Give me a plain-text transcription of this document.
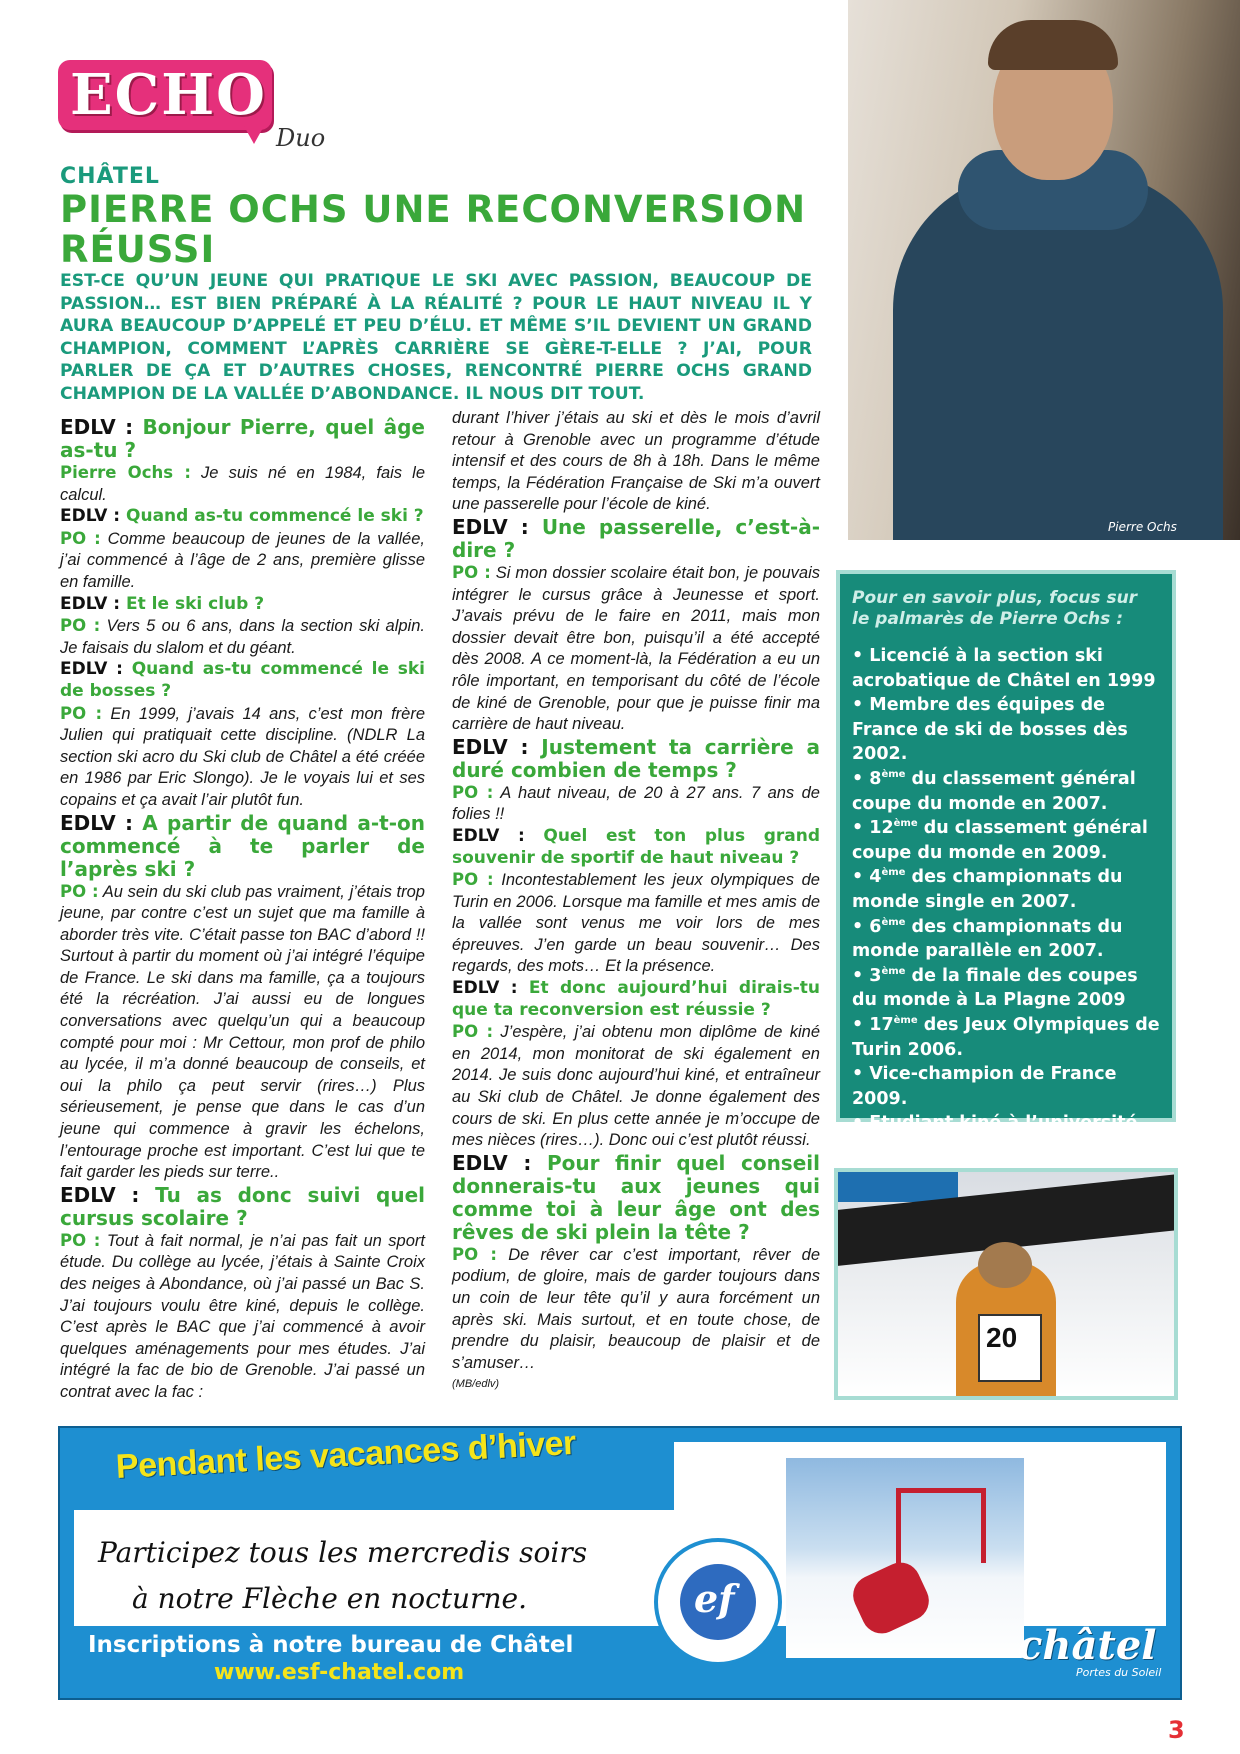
ECHO
Duo
CHÂTEL
PIERRE OCHS UNE RECONVERSION RÉUSSI
EST-CE QU’UN JEUNE QUI PRATIQUE LE SKI AVEC PASSION, BEAUCOUP DE PASSION… EST BIEN PRÉPARÉ À LA RÉALITÉ ? POUR LE HAUT NIVEAU IL Y AURA BEAUCOUP D’APPELÉ ET PEU D’ÉLU. ET MÊME S’IL DEVIENT UN GRAND CHAMPION, COMMENT L’APRÈS CARRIÈRE SE GÈRE-T-ELLE ? J’AI, POUR PARLER DE ÇA ET D’AUTRES CHOSES, RENCONTRÉ PIERRE OCHS GRAND CHAMPION DE LA VALLÉE D’ABONDANCE. IL NOUS DIT TOUT.
Pierre Ochs
EDLV : Bonjour Pierre, quel âge as-tu ?
Pierre Ochs : Je suis né en 1984, fais le calcul.
EDLV : Quand as-tu commencé le ski ?
PO : Comme beaucoup de jeunes de la vallée, j’ai commencé à l’âge de 2 ans, première glisse en famille.
EDLV : Et le ski club ?
PO : Vers 5 ou 6 ans, dans la section ski alpin. Je faisais du slalom et du géant.
EDLV : Quand as-tu commencé le ski de bosses ?
PO : En 1999, j’avais 14 ans, c’est mon frère Julien qui pratiquait cette discipline. (NDLR La section ski acro du Ski club de Châtel a été créée en 1986 par Eric Slongo). Je le voyais lui et ses copains et ça avait l’air plutôt fun.
EDLV : A partir de quand a-t-on commencé à te parler de l’après ski ?
PO : Au sein du ski club pas vraiment, j’étais trop jeune, par contre c’est un sujet que ma famille à aborder très vite. C’était passe ton BAC d’abord !! Surtout à partir du moment où j’ai intégré l’équipe de France. Le ski dans ma famille, ça a toujours été la récréation. J’ai aussi eu de longues conversations avec quelqu’un qui a beaucoup compté pour moi : Mr Cettour, mon prof de philo au lycée, il m’a donné beaucoup de conseils, et oui la philo ça peut servir (rires…) Plus sérieusement, je pense que dans le cas d’un jeune qui commence à gravir les échelons, l’entourage proche est important. C’est lui que te fait garder les pieds sur terre..
EDLV : Tu as donc suivi quel cursus scolaire ?
PO : Tout à fait normal, je n’ai pas fait un sport étude. Du collège au lycée, j’étais à Sainte Croix des neiges à Abondance, où j’ai passé un Bac S. J’ai toujours voulu être kiné, depuis le collège. C’est après le BAC que j’ai commencé à avoir quelques aménagements pour mes études. J’ai intégré la fac de bio de Grenoble. J’ai passé un contrat avec la fac :
durant l’hiver j’étais au ski et dès le mois d’avril retour à Grenoble avec un programme d’étude intensif et des cours de 8h à 18h. Dans le même temps, la Fédération Française de Ski m’a ouvert une passerelle pour l’école de kiné.
EDLV : Une passerelle, c’est-à-dire ?
PO : Si mon dossier scolaire était bon, je pouvais intégrer le cursus grâce à Jeunesse et sport. J’avais prévu de le faire en 2011, mais mon dossier devait être bon, puisqu’il a été accepté dès 2008. A ce moment-là, la Fédération a eu un rôle important, en temporisant du côté de l’école de kiné de Grenoble, pour que je puisse finir ma carrière de haut niveau.
EDLV : Justement ta carrière a duré combien de temps ?
PO : A haut niveau, de 20 à 27 ans. 7 ans de folies !!
EDLV : Quel est ton plus grand souvenir de sportif de haut niveau ?
PO : Incontestablement les jeux olympiques de Turin en 2006. Lorsque ma famille et mes amis de la vallée sont venus me voir lors de mes épreuves. J’en garde un beau souvenir… Des regards, des mots… Et la présence.
EDLV : Et donc aujourd’hui dirais-tu que ta reconversion est réussie ?
PO : J’espère, j’ai obtenu mon diplôme de kiné en 2014, mon monitorat de ski également en 2014. Je suis donc aujourd’hui kiné, et entraîneur au Ski club de Châtel. Je donne également des cours de ski. En plus cette année je m’occupe de mes nièces (rires…). Donc oui c’est plutôt réussi.
EDLV : Pour finir quel conseil donnerais-tu aux jeunes qui comme toi à leur âge ont des rêves de ski plein la tête ?
PO : De rêver car c’est important, rêver de podium, de gloire, mais de garder toujours dans un coin de leur tête qu’il y aura forcément un après ski. Mais surtout, et en toute chose, de prendre du plaisir, beaucoup de plaisir et de s’amuser…
(MB/edlv)
Pour en savoir plus, focus sur le palmarès de Pierre Ochs :
• Licencié à la section ski acrobatique de Châtel en 1999
• Membre des équipes de France de ski de bosses dès 2002.
• 8ème du classement général coupe du monde en 2007.
• 12ème du classement général coupe du monde en 2009.
• 4ème des championnats du monde single en 2007.
• 6ème des championnats du monde parallèle en 2007.
• 3ème de la finale des coupes du monde à La Plagne 2009
• 17ème des Jeux Olympiques de Turin 2006.
• Vice-champion de France 2009.
• Etudiant kiné à l’université de Grenoble, diplomé en 2014.
20
Pendant les vacances d’hiver
Participez tous les mercredis soirs
à notre Flèche en nocturne.
Inscriptions à notre bureau de Châtel
www.esf-chatel.com
ef
châtel
Portes du Soleil
3
